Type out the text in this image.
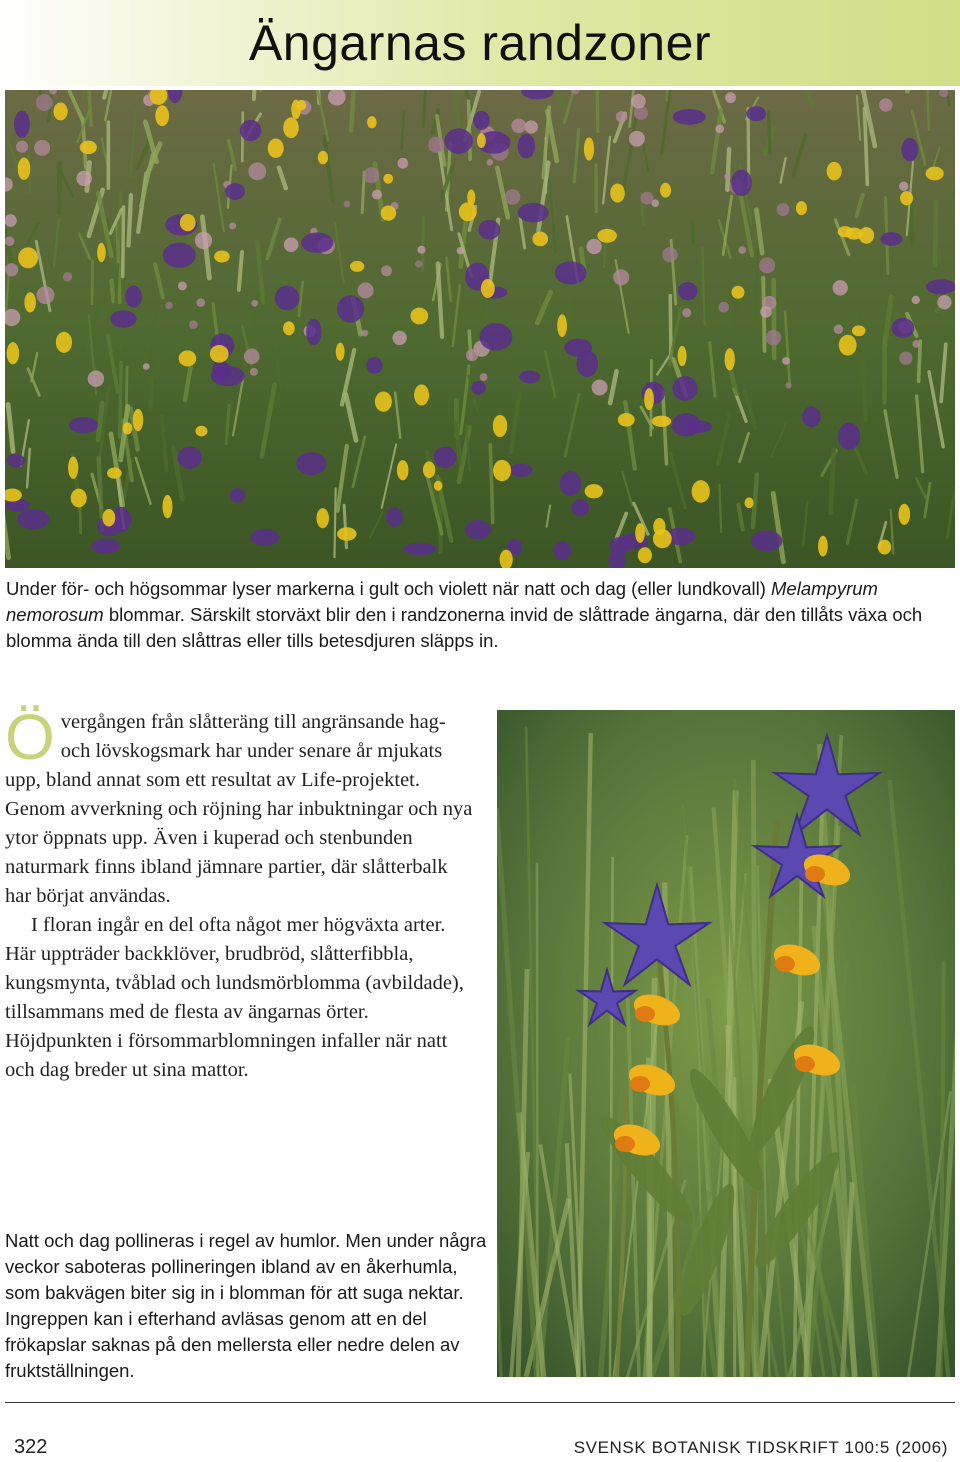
Ängarnas randzoner
Under för- och högsommar lyser markerna i gult och violett när natt och dag (eller lundkovall) Melampyrum nemorosum blommar. Särskilt storväxt blir den i randzonerna invid de slåttrade ängarna, där den tillåts växa och blomma ända till den slåttras eller tills betesdjuren släpps in.

Övergången från slåtteräng till angränsande hag- och lövskogsmark har under senare år mjukats upp, bland annat som ett resultat av Life-projektet. Genom avverkning och röjning har inbuktningar och nya ytor öppnats upp. Även i kuperad och stenbunden naturmark finns ibland jämnare partier, där slåtterbalk har börjat användas.

I floran ingår en del ofta något mer högväxta arter. Här uppträder backklöver, brudbröd, slåtterfibbla, kungsmynta, tvåblad och lundsmörblomma (avbildade), tillsammans med de flesta av ängarnas örter. Höjdpunkten i försommarblomningen infaller när natt och dag breder ut sina mattor.

Natt och dag pollineras i regel av humlor. Men under några veckor saboteras pollineringen ibland av en åkerhumla, som bakvägen biter sig in i blomman för att suga nektar. Ingreppen kan i efterhand avläsas genom att en del frökapslar saknas på den mellersta eller nedre delen av fruktställningen.
322	SVENSK BOTANISK TIDSKRIFT 100:5 (2006)
